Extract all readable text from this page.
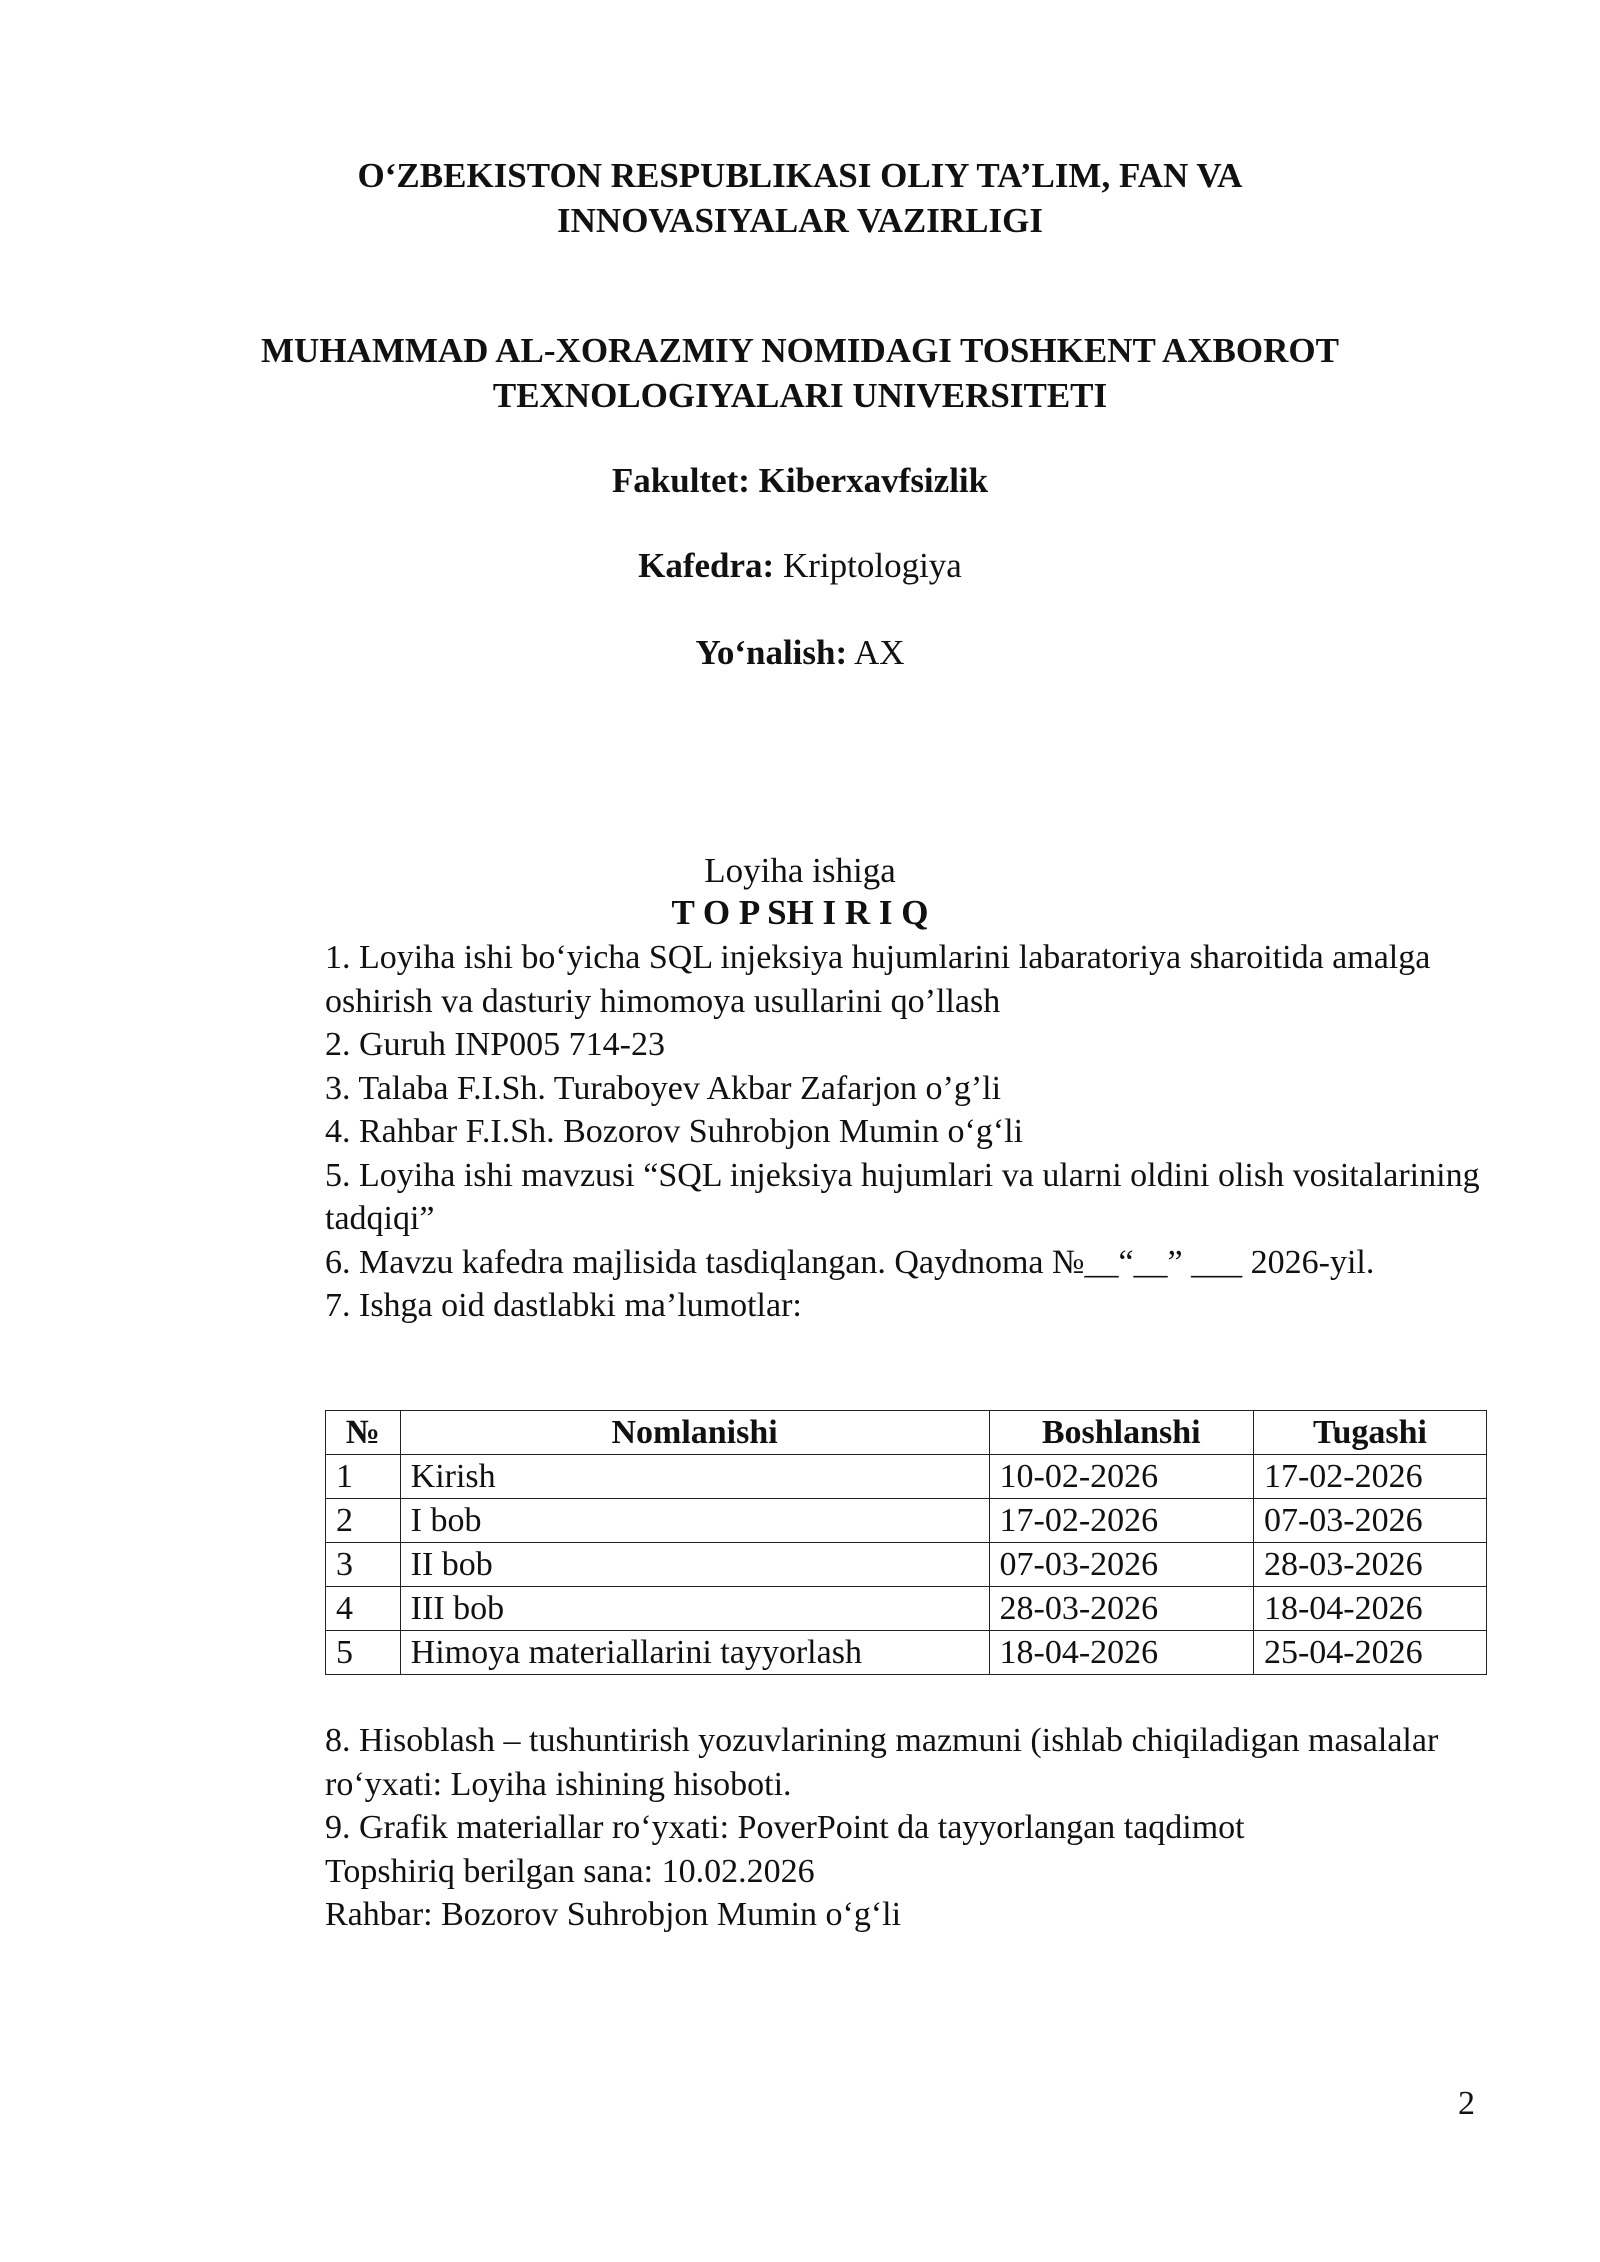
O‘ZBEKISTON RESPUBLIKASI OLIY TA’LIM, FAN VA
INNOVASIYALAR VAZIRLIGI
MUHAMMAD AL-XORAZMIY NOMIDAGI TOSHKENT AXBOROT
TEXNOLOGIYALARI UNIVERSITETI
Fakultet: Kiberxavfsizlik
Kafedra: Kriptologiya
Yo‘nalish: AX
Loyiha ishiga
T O P SH I R I Q

1. Loyiha ishi bo‘yicha SQL injeksiya hujumlarini labaratoriya sharoitida amalga oshirish va dasturiy himomoya usullarini qo’llash

2. Guruh INP005 714-23

3. Talaba F.I.Sh. Turaboyev Akbar Zafarjon o’g’li

4. Rahbar F.I.Sh. Bozorov Suhrobjon Mumin o‘g‘li

5. Loyiha ishi mavzusi “SQL injeksiya hujumlari va ularni oldini olish vositalarining tadqiqi”

6. Mavzu kafedra majlisida tasdiqlangan. Qaydnoma №__“__” ___ 2026-yil.

7. Ishga oid dastlabki ma’lumotlar:

№	Nomlanishi	Boshlanshi	Tugashi
1	Kirish	10-02-2026	17-02-2026
2	I bob	17-02-2026	07-03-2026
3	II bob	07-03-2026	28-03-2026
4	III bob	28-03-2026	18-04-2026
5	Himoya materiallarini tayyorlash	18-04-2026	25-04-2026

8. Hisoblash – tushuntirish yozuvlarining mazmuni (ishlab chiqiladigan masalalar ro‘yxati: Loyiha ishining hisoboti.

9. Grafik materiallar ro‘yxati: PoverPoint da tayyorlangan taqdimot

Topshiriq berilgan sana: 10.02.2026

Rahbar: Bozorov Suhrobjon Mumin o‘g‘li

2
